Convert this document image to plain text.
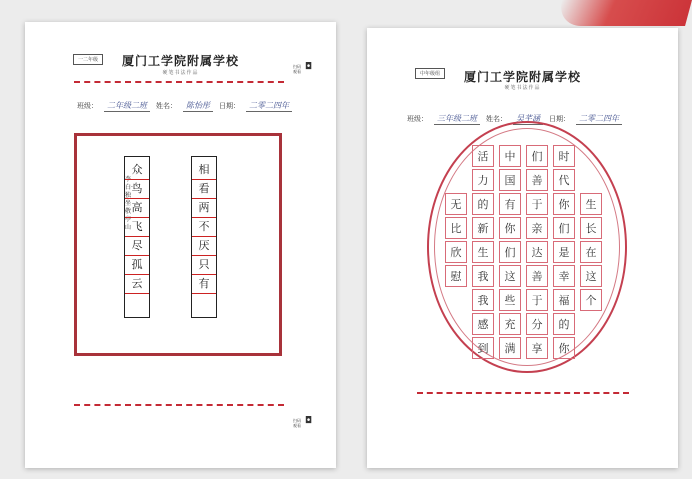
一二年级	厦门工学院附属学校
硬笔书法作品
扫码观看 ◘
班级：	二年级二班	姓名：	陈怡彤	日期：	二零二四年
李白·独坐敬亭山
众
鸟
高
飞
尽
孤
云
相
看
两
不
厌
只
有
扫码观看 ◘
中年级组	厦门工学院附属学校
硬笔书法作品
班级：	三年级二班	姓名：	吴芊涵	日期：	二零二四年
活	中	们	时
力	国	善	代
无	的	有	于	你	生
比	新	你	亲	们	长
欣	生	们	达	是	在
慰	我	这	善	幸	这
我	些	于	福	个
感	充	分	的
到	满	享	你
